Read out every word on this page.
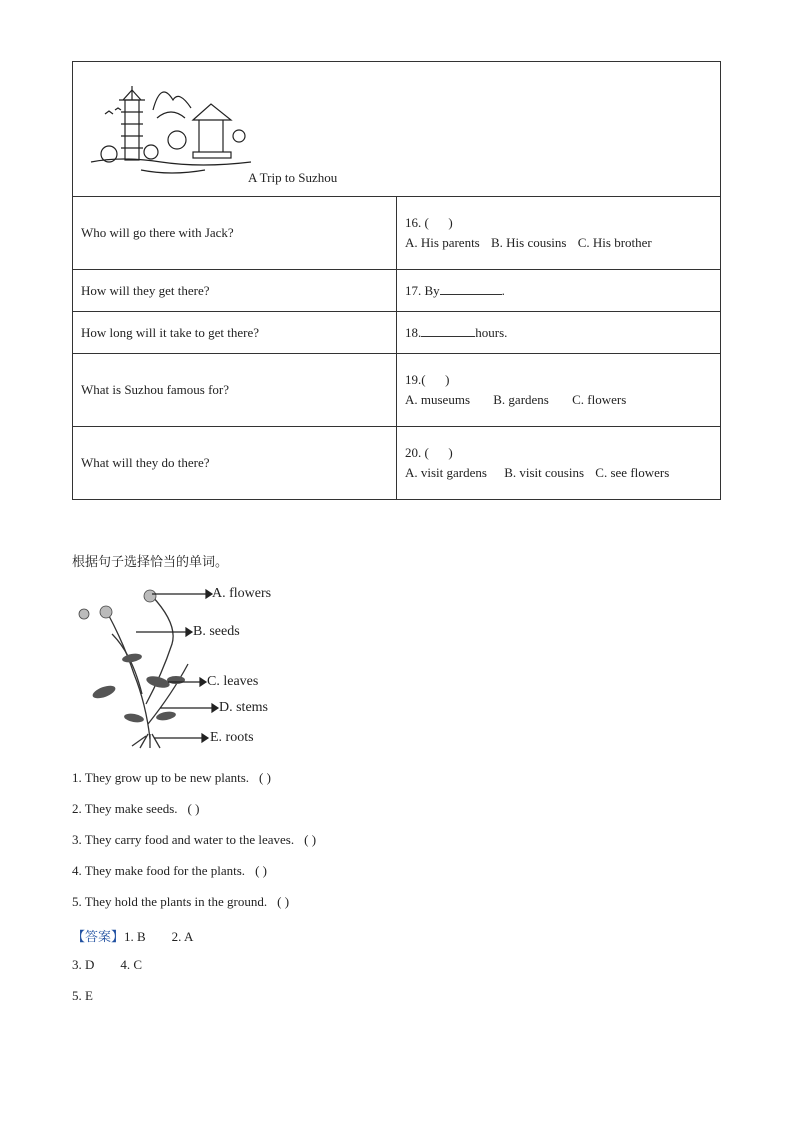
A Trip to Suzhou	

Who will go there with Jack?	16. ( )
A. His parents B. His cousins C. His brother

How will they get there?	17. By .
How long will it take to get there?	18. hours.
What is Suzhou famous for?	19.( )
A. museums B. gardens C. flowers

What will they do there?	20. ( )
A. visit gardens B. visit cousins C. see flowers
根据句子选择恰当的单词。
A. flowers
B. seeds
C. leaves
D. stems
E. roots
1. They grow up to be new plants. ( )
2. They make seeds. ( )
3. They carry food and water to the leaves. ( )
4. They make food for the plants. ( )
5. They hold the plants in the ground. ( )
【答案】1. B        2. A
3. D        4. C
5. E
